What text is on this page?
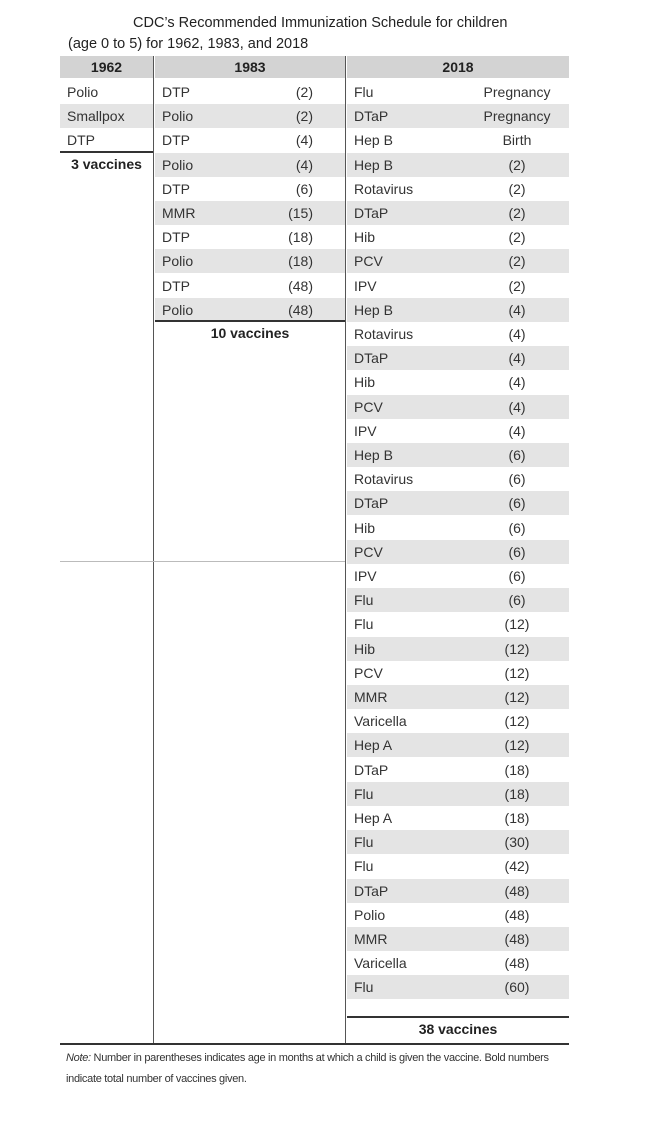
CDC’s Recommended Immunization Schedule for children
(age 0 to 5) for 1962, 1983, and 2018
1962	1983	2018
Polio
Smallpox
DTP
DTP	(2)
Polio	(2)
DTP	(4)
Polio	(4)
DTP	(6)
MMR	(15)
DTP	(18)
Polio	(18)
DTP	(48)
Polio	(48)
Flu	Pregnancy
DTaP	Pregnancy
Hep B	Birth
Hep B	(2)
Rotavirus	(2)
DTaP	(2)
Hib	(2)
PCV	(2)
IPV	(2)
Hep B	(4)
Rotavirus	(4)
DTaP	(4)
Hib	(4)
PCV	(4)
IPV	(4)
Hep B	(6)
Rotavirus	(6)
DTaP	(6)
Hib	(6)
PCV	(6)
IPV	(6)
Flu	(6)
Flu	(12)
Hib	(12)
PCV	(12)
MMR	(12)
Varicella	(12)
Hep A	(12)
DTaP	(18)
Flu	(18)
Hep A	(18)
Flu	(30)
Flu	(42)
DTaP	(48)
Polio	(48)
MMR	(48)
Varicella	(48)
Flu	(60)
3 vaccines
10 vaccines
38 vaccines
Note: Number in parentheses indicates age in months at which a child is given the vaccine. Bold numbers indicate total number of vaccines given.
